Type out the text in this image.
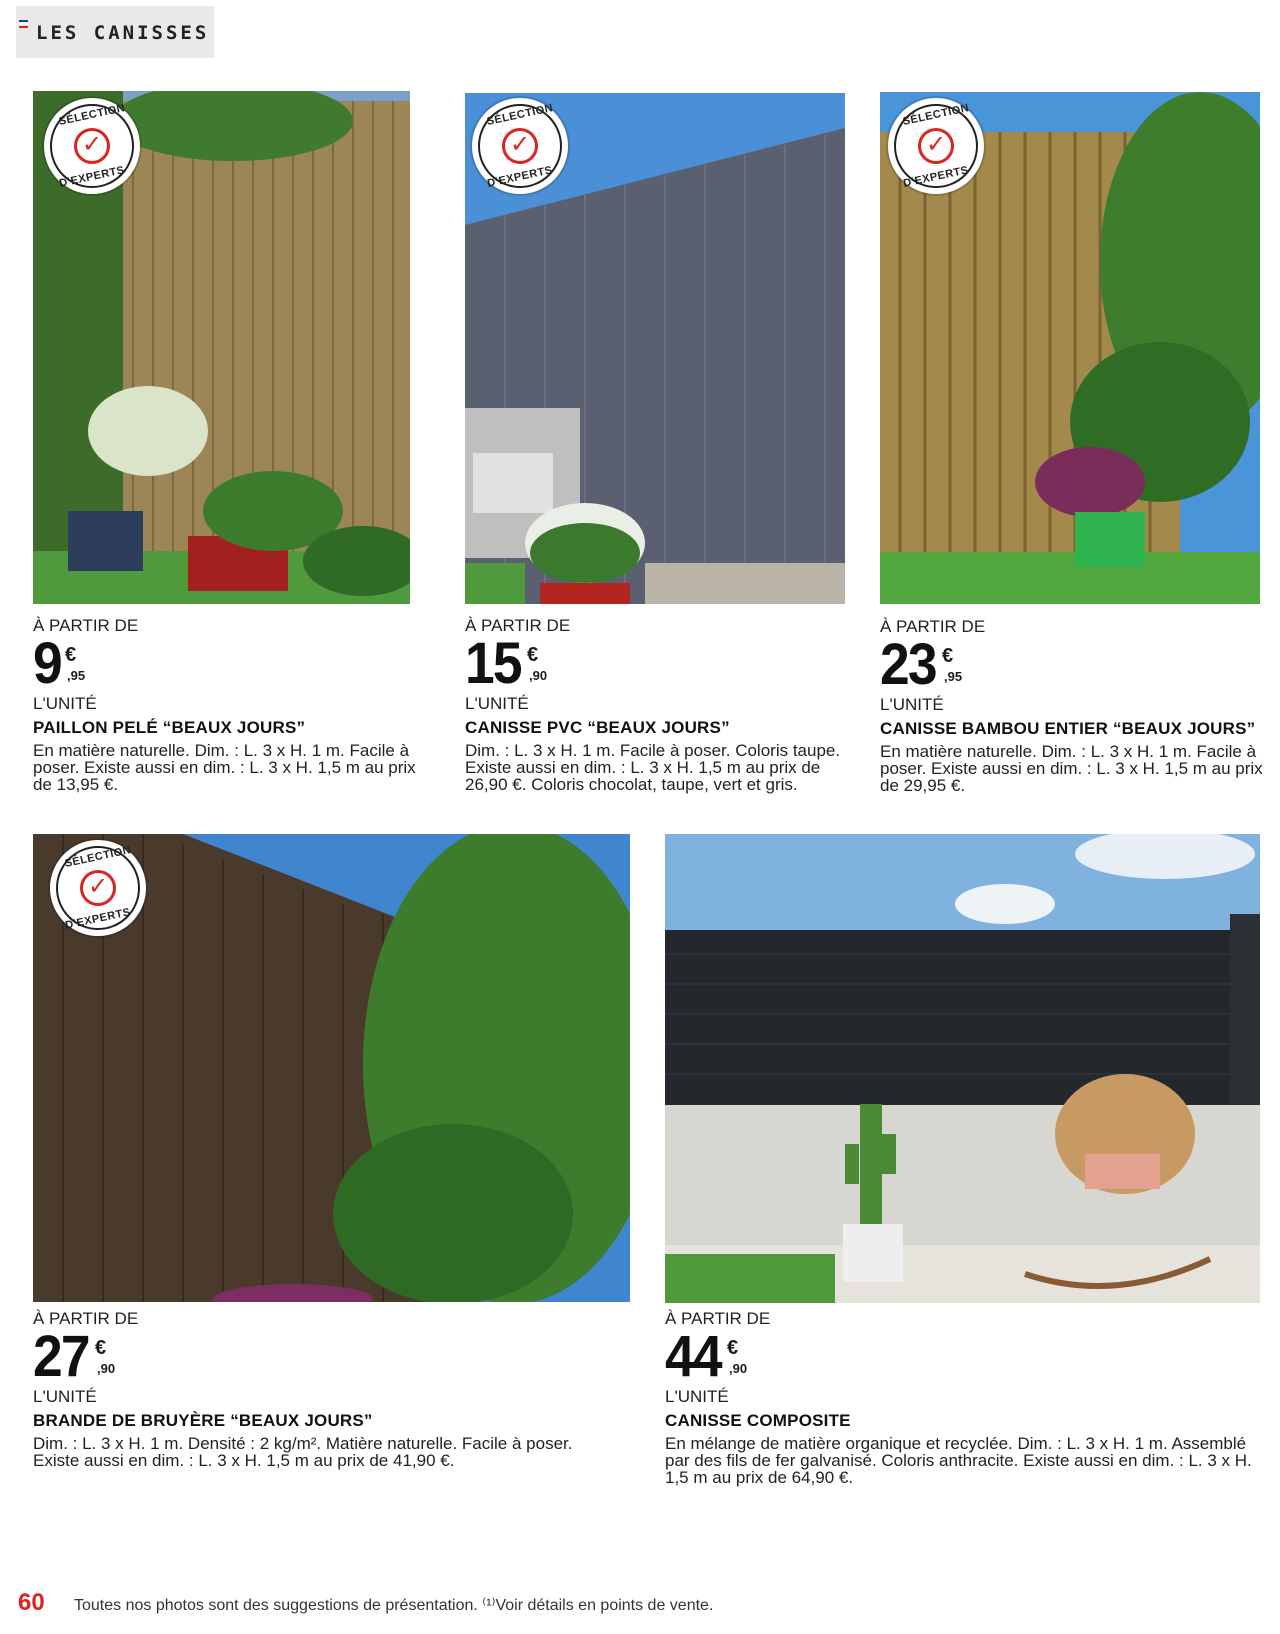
LES CANISSES
SÉLECTION
✓
D'EXPERTS
SÉLECTION
✓
D'EXPERTS
SÉLECTION
✓
D'EXPERTS
SÉLECTION
✓
D'EXPERTS
À PARTIR DE
9 €
,95
L'UNITÉ
PAILLON PELÉ “BEAUX JOURS”
En matière naturelle. Dim. : L. 3 x H. 1 m. Facile à poser. Existe aussi en dim. : L. 3 x H. 1,5 m au prix de 13,95 €.
À PARTIR DE
15 €
,90
L'UNITÉ
CANISSE PVC “BEAUX JOURS”
Dim. : L. 3 x H. 1 m. Facile à poser. Coloris taupe. Existe aussi en dim. : L. 3 x H. 1,5 m au prix de 26,90 €. Coloris chocolat, taupe, vert et gris.
À PARTIR DE
23 €
,95
L'UNITÉ
CANISSE BAMBOU ENTIER “BEAUX JOURS”
En matière naturelle. Dim. : L. 3 x H. 1 m. Facile à poser. Existe aussi en dim. : L. 3 x H. 1,5 m au prix de 29,95 €.
À PARTIR DE
27 €
,90
L'UNITÉ
BRANDE DE BRUYÈRE “BEAUX JOURS”
Dim. : L. 3 x H. 1 m. Densité : 2 kg/m². Matière naturelle. Facile à poser. Existe aussi en dim. : L. 3 x H. 1,5 m au prix de 41,90 €.
À PARTIR DE
44 €
,90
L'UNITÉ
CANISSE COMPOSITE
En mélange de matière organique et recyclée. Dim. : L. 3 x H. 1 m. Assemblé par des fils de fer galvanisé. Coloris anthracite. Existe aussi en dim. : L. 3 x H. 1,5 m au prix de 64,90 €.
60 Toutes nos photos sont des suggestions de présentation. ⁽¹⁾Voir détails en points de vente.
